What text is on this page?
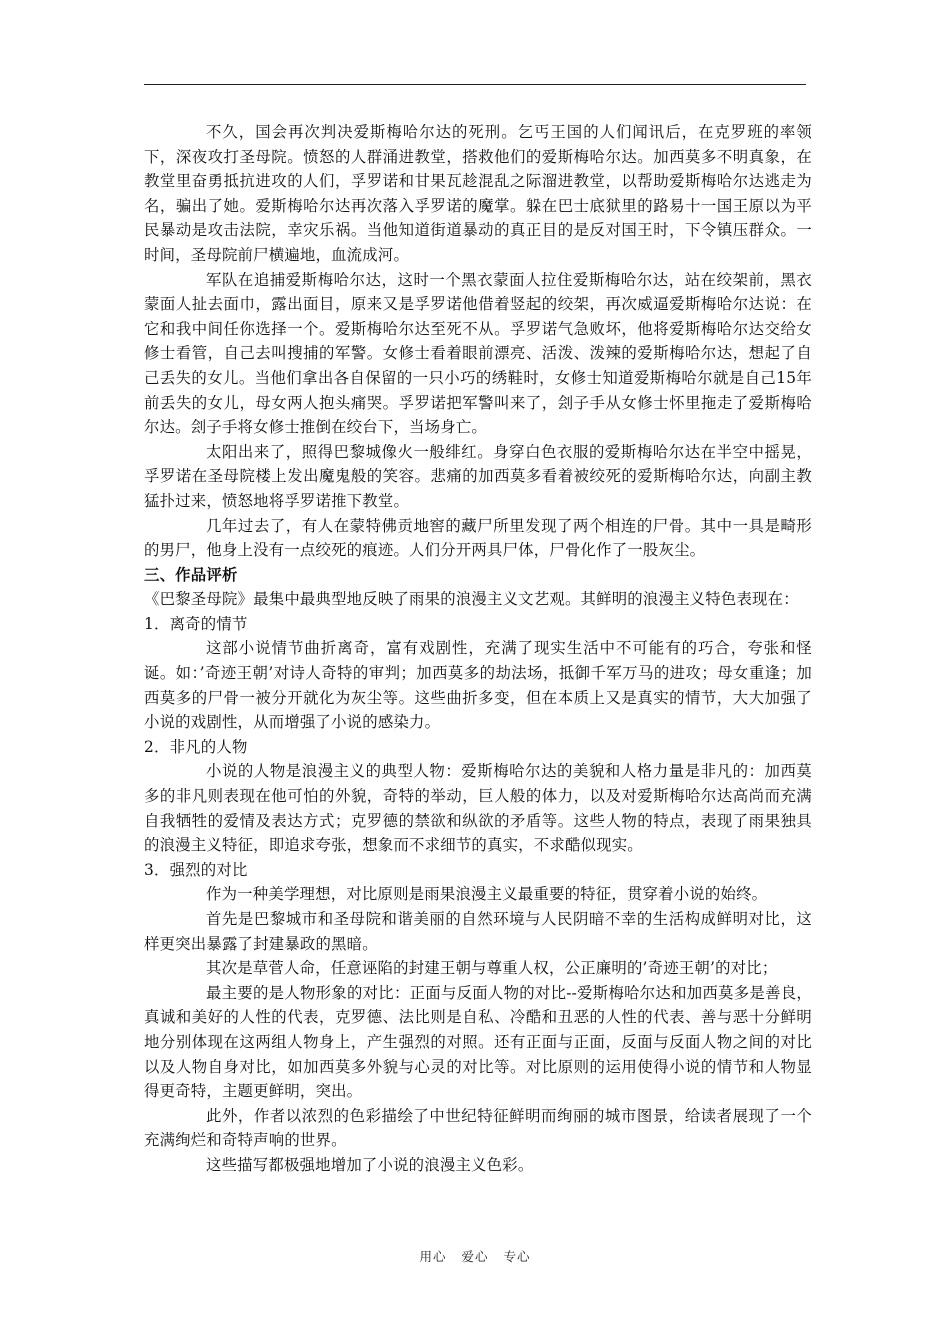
不久，国会再次判决爱斯梅哈尔达的死刑。乞丐王国的人们闻讯后，在克罗班的率领下，深夜攻打圣母院。愤怒的人群涌进教堂，搭救他们的爱斯梅哈尔达。加西莫多不明真象，在教堂里奋勇抵抗进攻的人们，孚罗诺和甘果瓦趁混乱之际溜进教堂，以帮助爱斯梅哈尔达逃走为名，骗出了她。爱斯梅哈尔达再次落入孚罗诺的魔掌。躲在巴士底狱里的路易十一国王原以为平民暴动是攻击法院，幸灾乐祸。当他知道街道暴动的真正目的是反对国王时，下令镇压群众。一时间，圣母院前尸横遍地，血流成河。

军队在追捕爱斯梅哈尔达，这时一个黑衣蒙面人拉住爱斯梅哈尔达，站在绞架前，黑衣蒙面人扯去面巾，露出面目，原来又是孚罗诺他借着竖起的绞架，再次威逼爱斯梅哈尔达说：在它和我中间任你选择一个。爱斯梅哈尔达至死不从。孚罗诺气急败坏，他将爱斯梅哈尔达交给女修士看管，自己去叫搜捕的军警。女修士看着眼前漂亮、活泼、泼辣的爱斯梅哈尔达，想起了自己丢失的女儿。当他们拿出各自保留的一只小巧的绣鞋时，女修士知道爱斯梅哈尔就是自己15年前丢失的女儿，母女两人抱头痛哭。孚罗诺把军警叫来了，刽子手从女修士怀里拖走了爱斯梅哈尔达。刽子手将女修士推倒在绞台下，当场身亡。

太阳出来了，照得巴黎城像火一般绯红。身穿白色衣服的爱斯梅哈尔达在半空中摇晃，孚罗诺在圣母院楼上发出魔鬼般的笑容。悲痛的加西莫多看着被绞死的爱斯梅哈尔达，向副主教猛扑过来，愤怒地将孚罗诺推下教堂。

几年过去了，有人在蒙特佛贡地窖的藏尸所里发现了两个相连的尸骨。其中一具是畸形的男尸，他身上没有一点绞死的痕迹。人们分开两具尸体，尸骨化作了一股灰尘。

三、作品评析

《巴黎圣母院》最集中最典型地反映了雨果的浪漫主义文艺观。其鲜明的浪漫主义特色表现在：

1．离奇的情节

这部小说情节曲折离奇，富有戏剧性，充满了现实生活中不可能有的巧合，夸张和怪诞。如：’奇迹王朝’对诗人奇特的审判；加西莫多的劫法场，抵御千军万马的进攻；母女重逢；加西莫多的尸骨一被分开就化为灰尘等。这些曲折多变，但在本质上又是真实的情节，大大加强了小说的戏剧性，从而增强了小说的感染力。

2．非凡的人物

小说的人物是浪漫主义的典型人物：爱斯梅哈尔达的美貌和人格力量是非凡的：加西莫多的非凡则表现在他可怕的外貌，奇特的举动，巨人般的体力，以及对爱斯梅哈尔达高尚而充满自我牺牲的爱情及表达方式；克罗德的禁欲和纵欲的矛盾等。这些人物的特点，表现了雨果独具的浪漫主义特征，即追求夸张，想象而不求细节的真实，不求酷似现实。

3．强烈的对比

作为一种美学理想，对比原则是雨果浪漫主义最重要的特征，贯穿着小说的始终。

首先是巴黎城市和圣母院和谐美丽的自然环境与人民阴暗不幸的生活构成鲜明对比，这样更突出暴露了封建暴政的黑暗。

其次是草菅人命，任意诬陷的封建王朝与尊重人权，公正廉明的’奇迹王朝’的对比；

最主要的是人物形象的对比：正面与反面人物的对比--爱斯梅哈尔达和加西莫多是善良，真诚和美好的人性的代表，克罗德、法比则是自私、冷酷和丑恶的人性的代表、善与恶十分鲜明地分别体现在这两组人物身上，产生强烈的对照。还有正面与正面，反面与反面人物之间的对比以及人物自身对比，如加西莫多外貌与心灵的对比等。对比原则的运用使得小说的情节和人物显得更奇特，主题更鲜明，突出。

此外，作者以浓烈的色彩描绘了中世纪特征鲜明而绚丽的城市图景，给读者展现了一个充满绚烂和奇特声响的世界。

这些描写都极强地增加了小说的浪漫主义色彩。

用心 爱心 专心
